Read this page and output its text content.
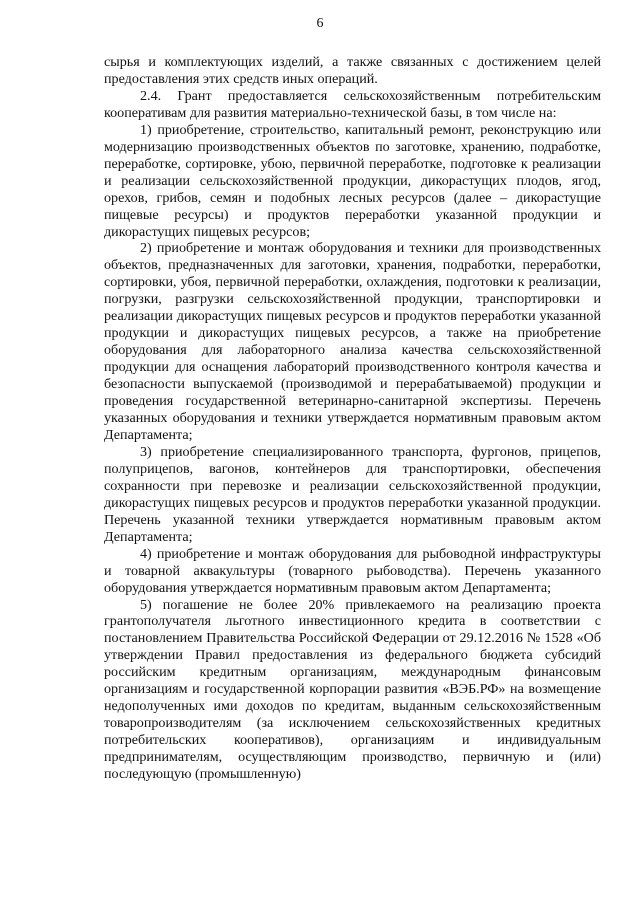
6

сырья и комплектующих изделий, а также связанных с достижением целей предоставления этих средств иных операций.

2.4. Грант предоставляется сельскохозяйственным потребительским кооперативам для развития материально-технической базы, в том числе на:

1) приобретение, строительство, капитальный ремонт, реконструкцию или модернизацию производственных объектов по заготовке, хранению, подработке, переработке, сортировке, убою, первичной переработке, подготовке к реализации и реализации сельскохозяйственной продукции, дикорастущих плодов, ягод, орехов, грибов, семян и подобных лесных ресурсов (далее – дикорастущие пищевые ресурсы) и продуктов переработки указанной продукции и дикорастущих пищевых ресурсов;

2) приобретение и монтаж оборудования и техники для производственных объектов, предназначенных для заготовки, хранения, подработки, переработки, сортировки, убоя, первичной переработки, охлаждения, подготовки к реализации, погрузки, разгрузки сельскохозяйственной продукции, транспортировки и реализации дикорастущих пищевых ресурсов и продуктов переработки указанной продукции и дикорастущих пищевых ресурсов, а также на приобретение оборудования для лабораторного анализа качества сельскохозяйственной продукции для оснащения лабораторий производственного контроля качества и безопасности выпускаемой (производимой и перерабатываемой) продукции и проведения государственной ветеринарно-санитарной экспертизы. Перечень указанных оборудования и техники утверждается нормативным правовым актом Департамента;

3) приобретение специализированного транспорта, фургонов, прицепов, полуприцепов, вагонов, контейнеров для транспортировки, обеспечения сохранности при перевозке и реализации сельскохозяйственной продукции, дикорастущих пищевых ресурсов и продуктов переработки указанной продукции. Перечень указанной техники утверждается нормативным правовым актом Департамента;

4) приобретение и монтаж оборудования для рыбоводной инфраструктуры и товарной аквакультуры (товарного рыбоводства). Перечень указанного оборудования утверждается нормативным правовым актом Департамента;

5) погашение не более 20% привлекаемого на реализацию проекта грантополучателя льготного инвестиционного кредита в соответствии с постановлением Правительства Российской Федерации от 29.12.2016 № 1528 «Об утверждении Правил предоставления из федерального бюджета субсидий российским кредитным организациям, международным финансовым организациям и государственной корпорации развития «ВЭБ.РФ» на возмещение недополученных ими доходов по кредитам, выданным сельскохозяйственным товаропроизводителям (за исключением сельскохозяйственных кредитных потребительских кооперативов), организациям и индивидуальным предпринимателям, осуществляющим производство, первичную и (или) последующую (промышленную)
